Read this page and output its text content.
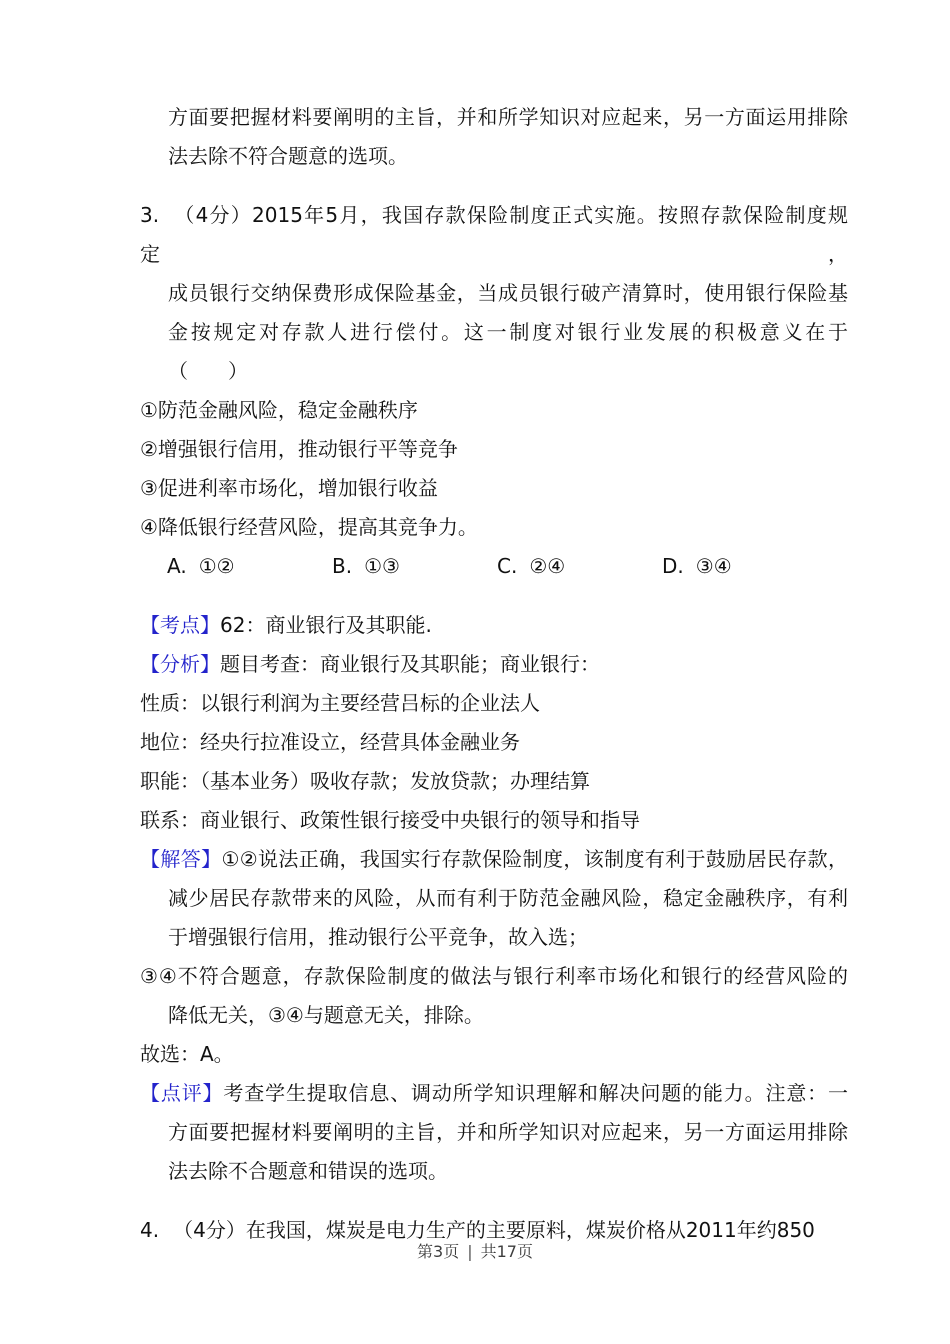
方面要把握材料要阐明的主旨，并和所学知识对应起来，另一方面运用排除

法去除不符合题意的选项。

3. （4分）2015年5月，我国存款保险制度正式实施。按照存款保险制度规定，

成员银行交纳保费形成保险基金，当成员银行破产清算时，使用银行保险基

金按规定对存款人进行偿付。这一制度对银行业发展的积极意义在于

（　　）

①防范金融风险，稳定金融秩序

②增强银行信用，推动银行平等竞争

③促进利率市场化，增加银行收益

④降低银行经营风险，提高其竞争力。

A. ①②	B. ①③	C. ②④	D. ③④

【考点】62：商业银行及其职能.

【分析】题目考查：商业银行及其职能；商业银行：

性质：以银行利润为主要经营吕标的企业法人

地位：经央行拉准设立，经营具体金融业务

职能：（基本业务）吸收存款；发放贷款；办理结算

联系：商业银行、政策性银行接受中央银行的领导和指导

【解答】①②说法正确，我国实行存款保险制度，该制度有利于鼓励居民存款，

减少居民存款带来的风险，从而有利于防范金融风险，稳定金融秩序，有利

于增强银行信用，推动银行公平竞争，故入选；

③④不符合题意，存款保险制度的做法与银行利率市场化和银行的经营风险的

降低无关，③④与题意无关，排除。

故选：A。

【点评】考查学生提取信息、调动所学知识理解和解决问题的能力。注意：一

方面要把握材料要阐明的主旨，并和所学知识对应起来，另一方面运用排除

法去除不合题意和错误的选项。

4. （4分）在我国，煤炭是电力生产的主要原料，煤炭价格从2011年约850

第3页 | 共17页
